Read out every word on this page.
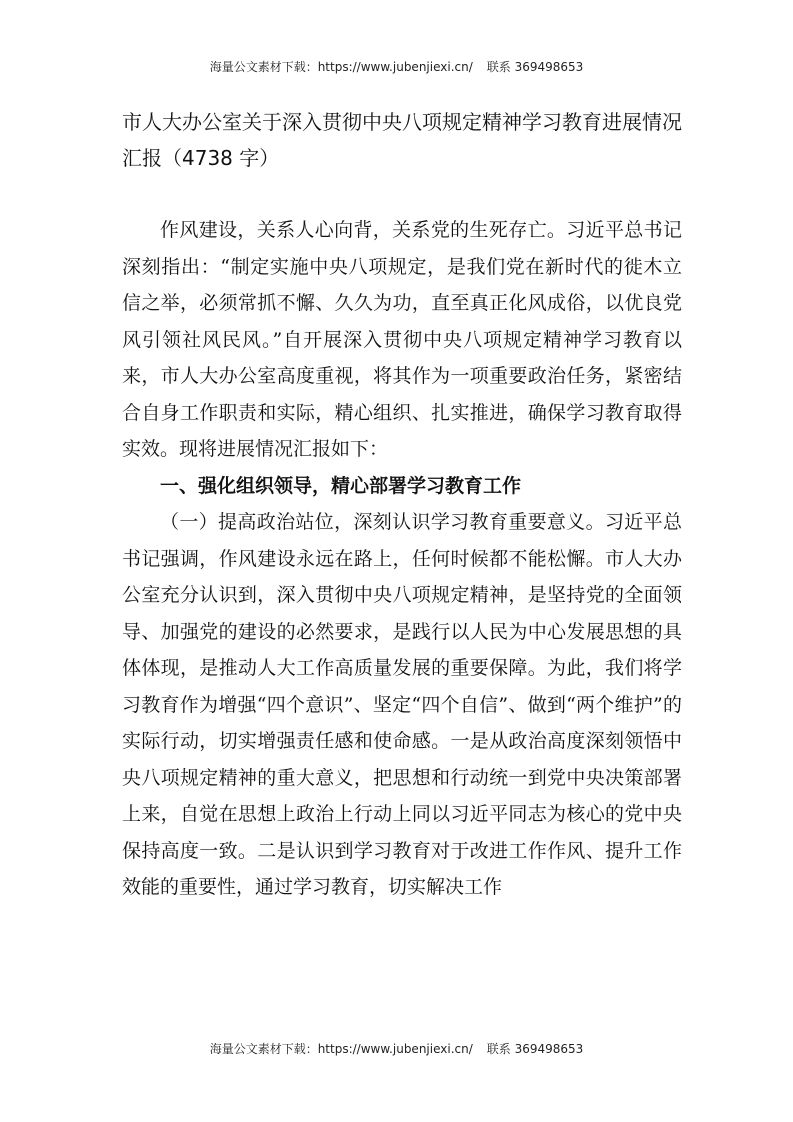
海量公文素材下载：https://www.jubenjiexi.cn/ 联系 369498653
市人大办公室关于深入贯彻中央八项规定精神学习教育进展情况汇报（4738 字）

作风建设，关系人心向背，关系党的生死存亡。习近平总书记深刻指出：“制定实施中央八项规定，是我们党在新时代的徙木立信之举，必须常抓不懈、久久为功，直至真正化风成俗，以优良党风引领社风民风。”自开展深入贯彻中央八项规定精神学习教育以来，市人大办公室高度重视，将其作为一项重要政治任务，紧密结合自身工作职责和实际，精心组织、扎实推进，确保学习教育取得实效。现将进展情况汇报如下：

一、强化组织领导，精心部署学习教育工作

（一）提高政治站位，深刻认识学习教育重要意义。习近平总书记强调，作风建设永远在路上，任何时候都不能松懈。市人大办公室充分认识到，深入贯彻中央八项规定精神，是坚持党的全面领导、加强党的建设的必然要求，是践行以人民为中心发展思想的具体体现，是推动人大工作高质量发展的重要保障。为此，我们将学习教育作为增强“四个意识”、坚定“四个自信”、做到“两个维护”的实际行动，切实增强责任感和使命感。一是从政治高度深刻领悟中央八项规定精神的重大意义，把思想和行动统一到党中央决策部署上来，自觉在思想上政治上行动上同以习近平同志为核心的党中央保持高度一致。二是认识到学习教育对于改进工作作风、提升工作效能的重要性，通过学习教育，切实解决工作

海量公文素材下载：https://www.jubenjiexi.cn/ 联系 369498653
